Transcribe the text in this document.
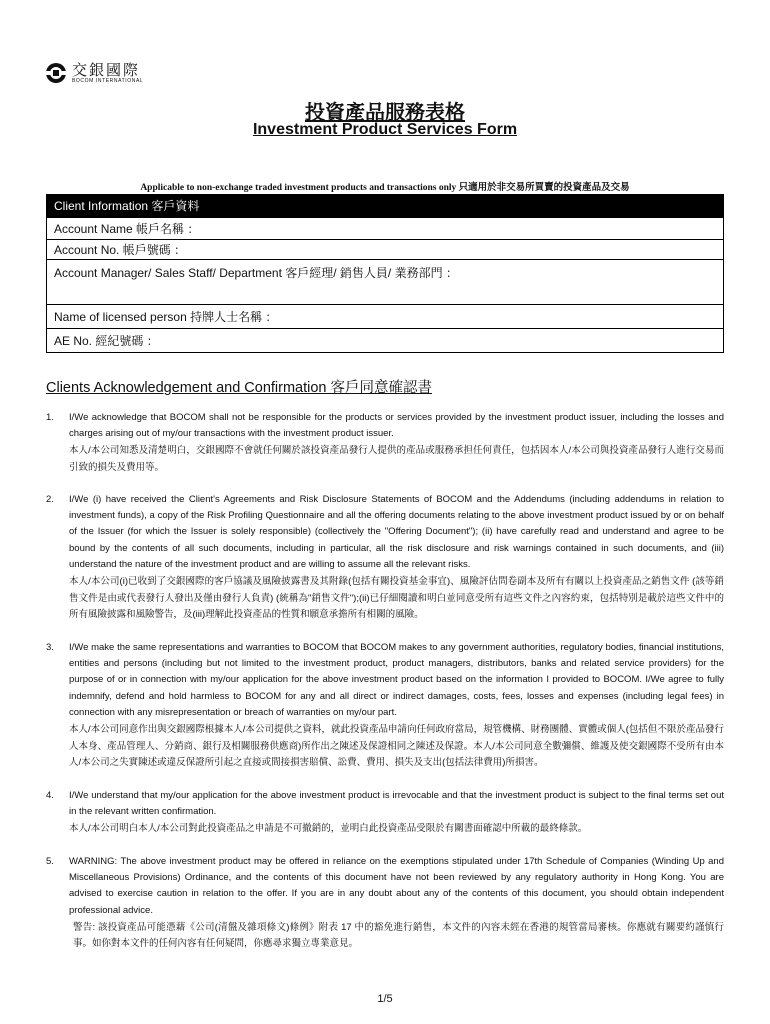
交銀國際
BOCOM INTERNATIONAL
投資產品服務表格
Investment Product Services Form
Applicable to non-exchange traded investment products and transactions only 只適用於非交易所買賣的投資產品及交易
Client Information 客戶資料
Account Name 帳戶名稱 ：
Account No. 帳戶號碼 ：
Account Manager/ Sales Staff/ Department 客戶經理/ 銷售人員/ 業務部門 ：
Name of licensed person 持牌人士名稱 ：
AE No. 經紀號碼 ：
Clients Acknowledgement and Confirmation 客戶同意確認書
1. I/We acknowledge that BOCOM shall not be responsible for the products or services provided by the investment product issuer, including the losses and charges arising out of my/our transactions with the investment product issuer.
本人/本公司知悉及清楚明白，交銀國際不會就任何關於該投資產品發行人提供的產品或服務承担任何責任，包括因本人/本公司與投資產品發行人進行交易而引致的損失及費用等。
2. I/We (i) have received the Client's Agreements and Risk Disclosure Statements of BOCOM and the Addendums (including addendums in relation to investment funds), a copy of the Risk Profiling Questionnaire and all the offering documents relating to the above investment product issued by or on behalf of the Issuer (for which the Issuer is solely responsible) (collectively the "Offering Document"); (ii) have carefully read and understand and agree to be bound by the contents of all such documents, including in particular, all the risk disclosure and risk warnings contained in such documents, and (iii) understand the nature of the investment product and are willing to assume all the relevant risks.
本人/本公司(i)已收到了交銀國際的客戶協議及風險披露書及其附錄(包括有關投資基金事宜)、風險評估問卷副本及所有有關以上投資產品之銷售文件 (該等銷售文件是由或代表發行人發出及僅由發行人負責) (統稱為"銷售文件");(ii)已仔細閱讀和明白並同意受所有這些文件之內容約束，包括特別是載於這些文件中的所有風險披露和風險警告，及(iii)理解此投資產品的性質和願意承擔所有相關的風險。
3. I/We make the same representations and warranties to BOCOM that BOCOM makes to any government authorities, regulatory bodies, financial institutions, entities and persons (including but not limited to the investment product, product managers, distributors, banks and related service providers) for the purpose of or in connection with my/our application for the above investment product based on the information I provided to BOCOM. I/We agree to fully indemnify, defend and hold harmless to BOCOM for any and all direct or indirect damages, costs, fees, losses and expenses (including legal fees) in connection with any misrepresentation or breach of warranties on my/our part.
本人/本公司同意作出與交銀國際根據本人/本公司提供之資料，就此投資產品申請向任何政府當局，規管機構、財務團體、實體或個人(包括但不限於產品發行人本身、產品管理人、分銷商、銀行及相關服務供應商)所作出之陳述及保證相同之陳述及保證。本人/本公司同意全數彌償、維護及使交銀國際不受所有由本人/本公司之失實陳述或違反保證所引起之直接或間接損害賠償、訟費、費用、損失及支出(包括法律費用)所損害。
4. I/We understand that my/our application for the above investment product is irrevocable and that the investment product is subject to the final terms set out in the relevant written confirmation.
本人/本公司明白本人/本公司對此投資產品之申請是不可撤銷的，並明白此投資產品受限於有關書面確認中所載的最終條款。
5. WARNING: The above investment product may be offered in reliance on the exemptions stipulated under 17th Schedule of Companies (Winding Up and Miscellaneous Provisions) Ordinance, and the contents of this document have not been reviewed by any regulatory authority in Hong Kong. You are advised to exercise caution in relation to the offer. If you are in any doubt about any of the contents of this document, you should obtain independent professional advice.
警告: 該投資產品可能憑藉《公司(清盤及雜項條文)條例》附表 17 中的豁免進行銷售，本文件的內容未經在香港的規管當局審核。你應就有關要約謹慎行事。如你對本文件的任何內容有任何疑問，你應尋求獨立專業意見。
1/5
